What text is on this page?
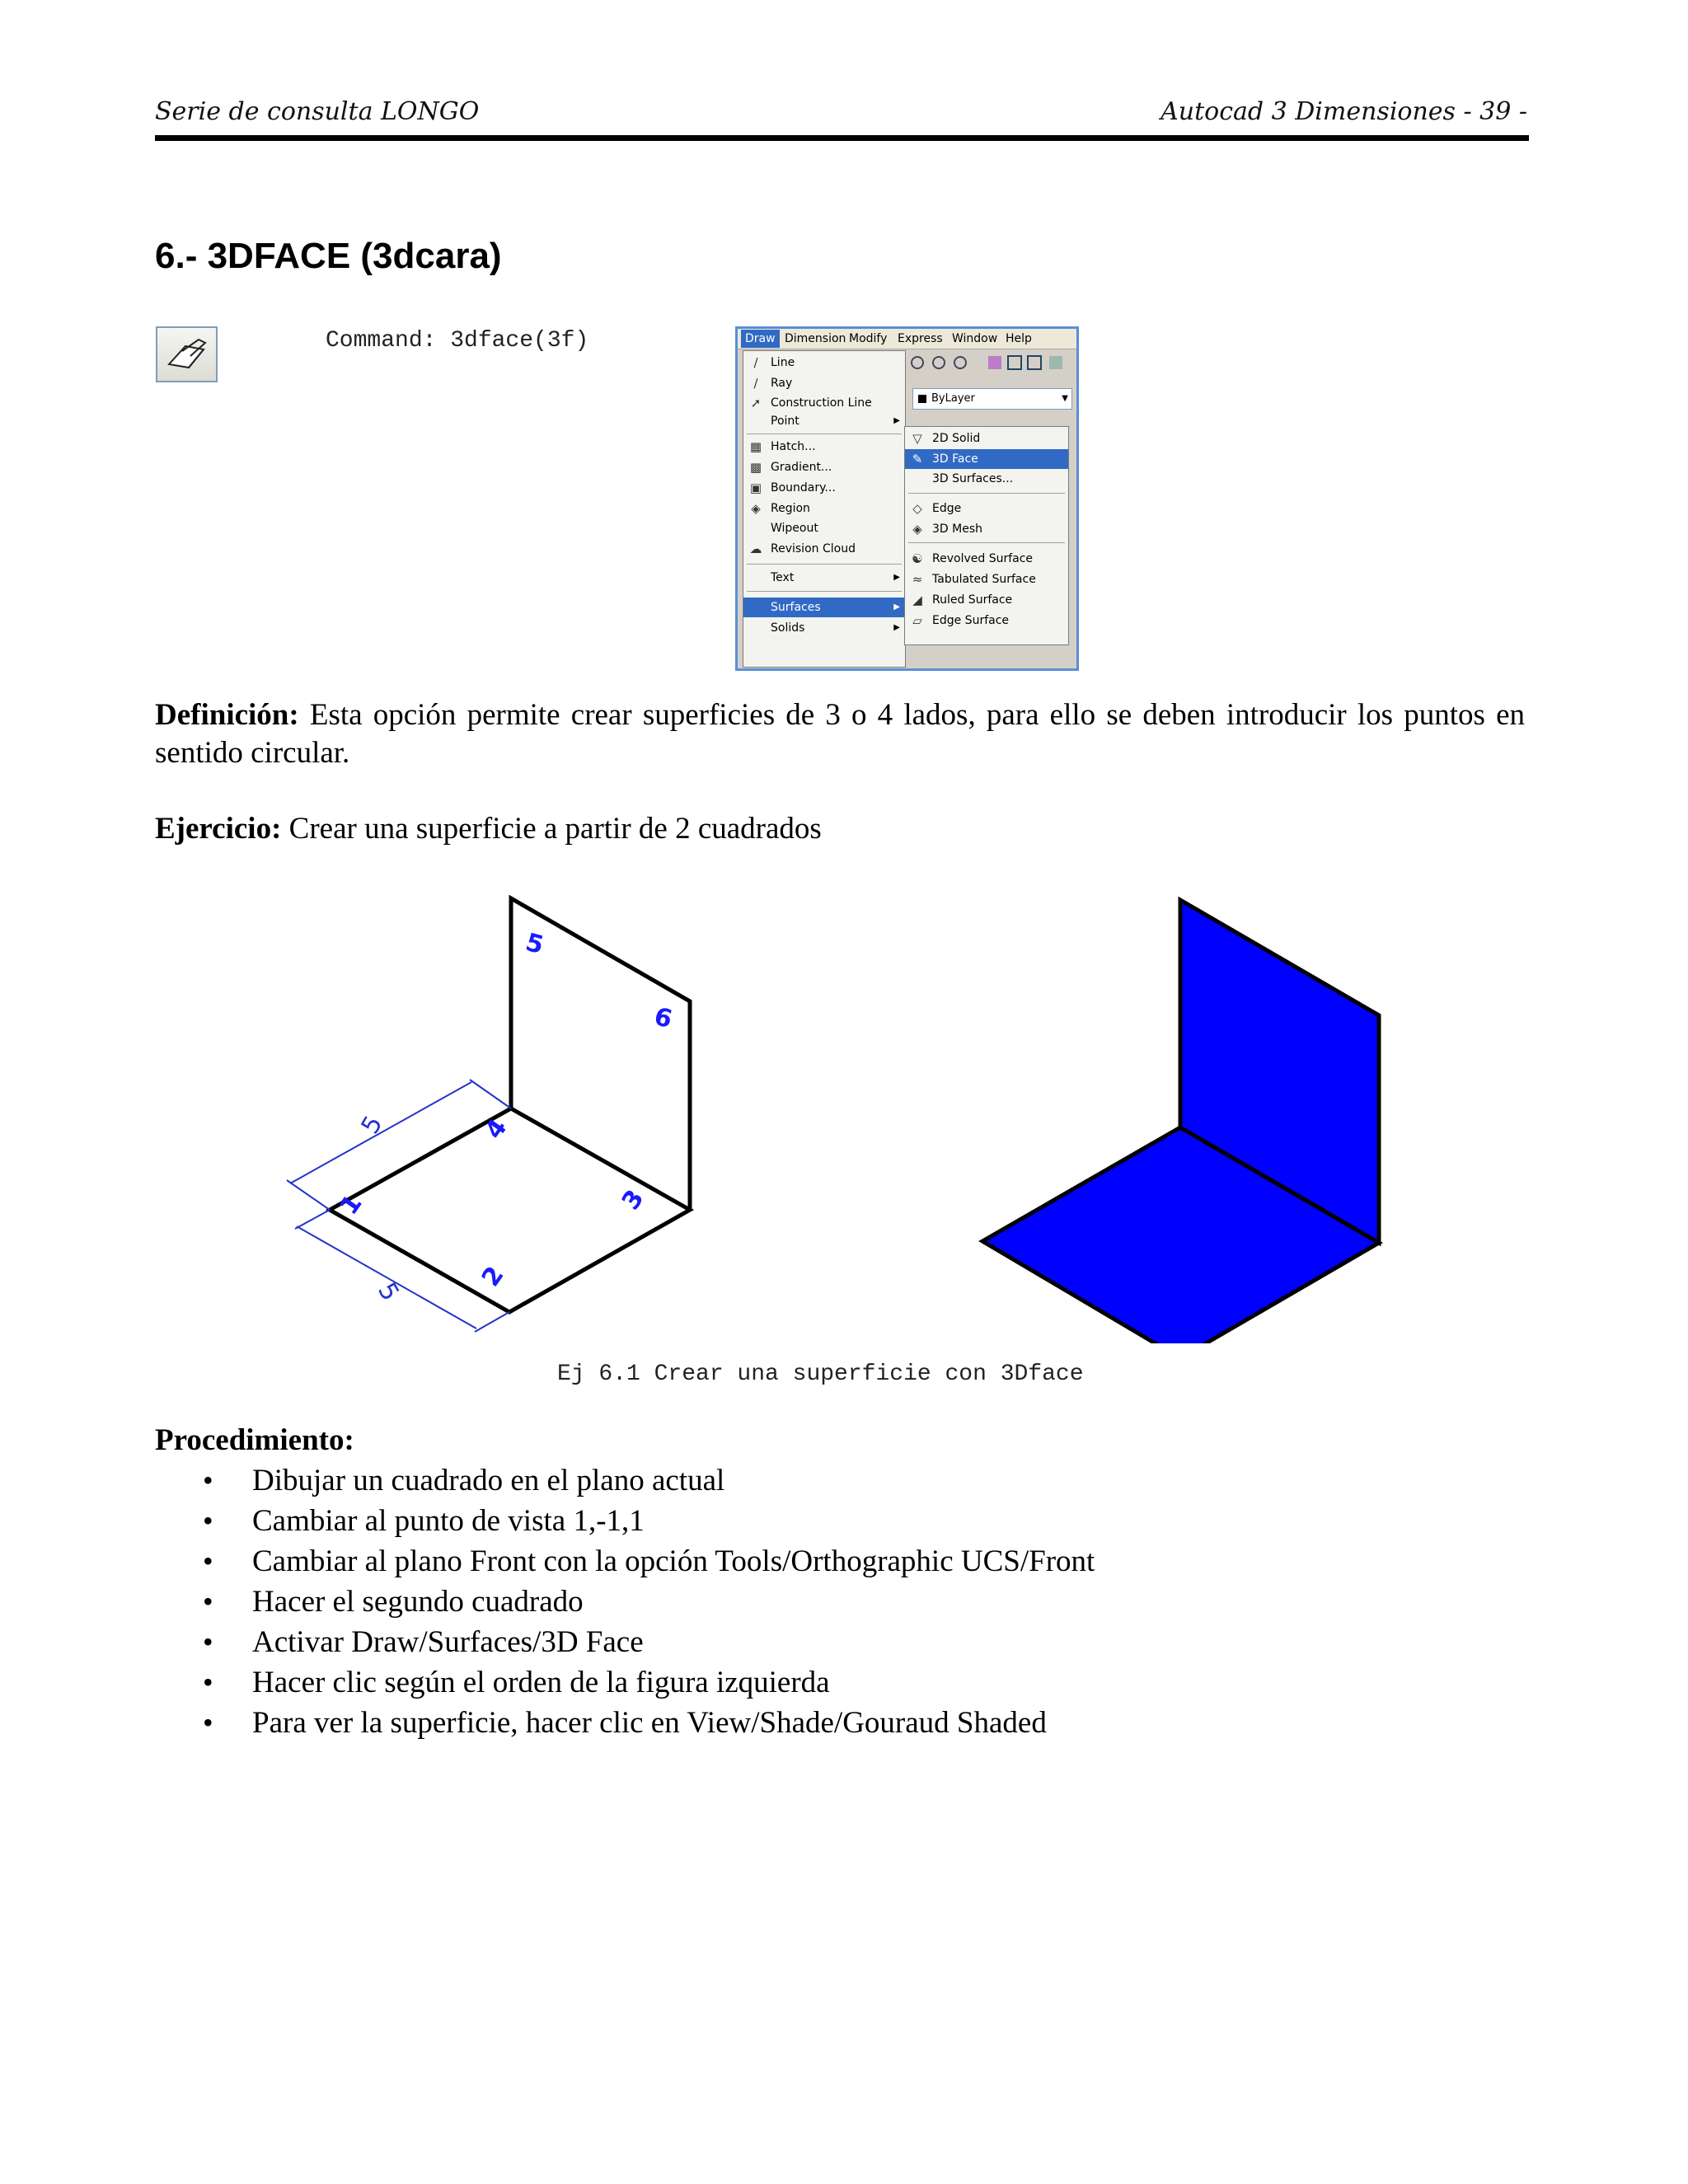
Serie de consulta LONGO	Autocad 3 Dimensiones - 39 -
6.- 3DFACE (3dcara)
Command: 3dface(3f)	Draw Dimension Modify Express Window Help
ByLayer	▼
∕	Line
∕	Ray
➚ Construction Line
Point	▶
▦ Hatch...
▩ Gradient...
▣ Boundary...
◈ Region
Wipeout
☁ Revision Cloud
Text	▶
Surfaces	▶
Solids	▶
▽ 2D Solid
✎ 3D Face
3D Surfaces...
◇ Edge
◈ 3D Mesh
☯ Revolved Surface
≈ Tabulated Surface
◢ Ruled Surface
▱ Edge Surface
Definición: Esta opción permite crear superficies de 3 o 4 lados, para ello se deben introducir los puntos en sentido circular.
Ejercicio: Crear una superficie a partir de 2 cuadrados
5
5
1
2
3
4
5
6
Ej 6.1 Crear una superficie con 3Dface
Procedimiento:
• Dibujar un cuadrado en el plano actual
• Cambiar al punto de vista 1,-1,1
• Cambiar al plano Front con la opción Tools/Orthographic UCS/Front
• Hacer el segundo cuadrado
• Activar Draw/Surfaces/3D Face
• Hacer clic según el orden de la figura izquierda
• Para ver la superficie, hacer clic en View/Shade/Gouraud Shaded
